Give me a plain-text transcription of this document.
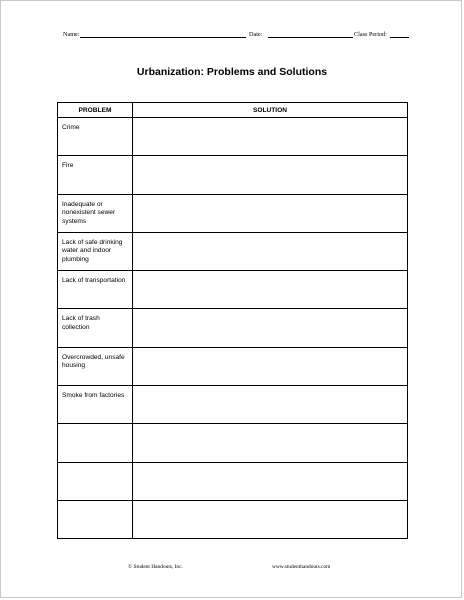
Name:	Date:	Class Period:
Urbanization: Problems and Solutions
PROBLEM	SOLUTION
Crime	
Fire	
Inadequate or nonexistent sewer systems	
Lack of safe drinking water and indoor plumbing	
Lack of transportation	
Lack of trash collection	
Overcrowded, unsafe housing	
Smoke from factories	

© Student Handouts, Inc.	www.studenthandouts.com
